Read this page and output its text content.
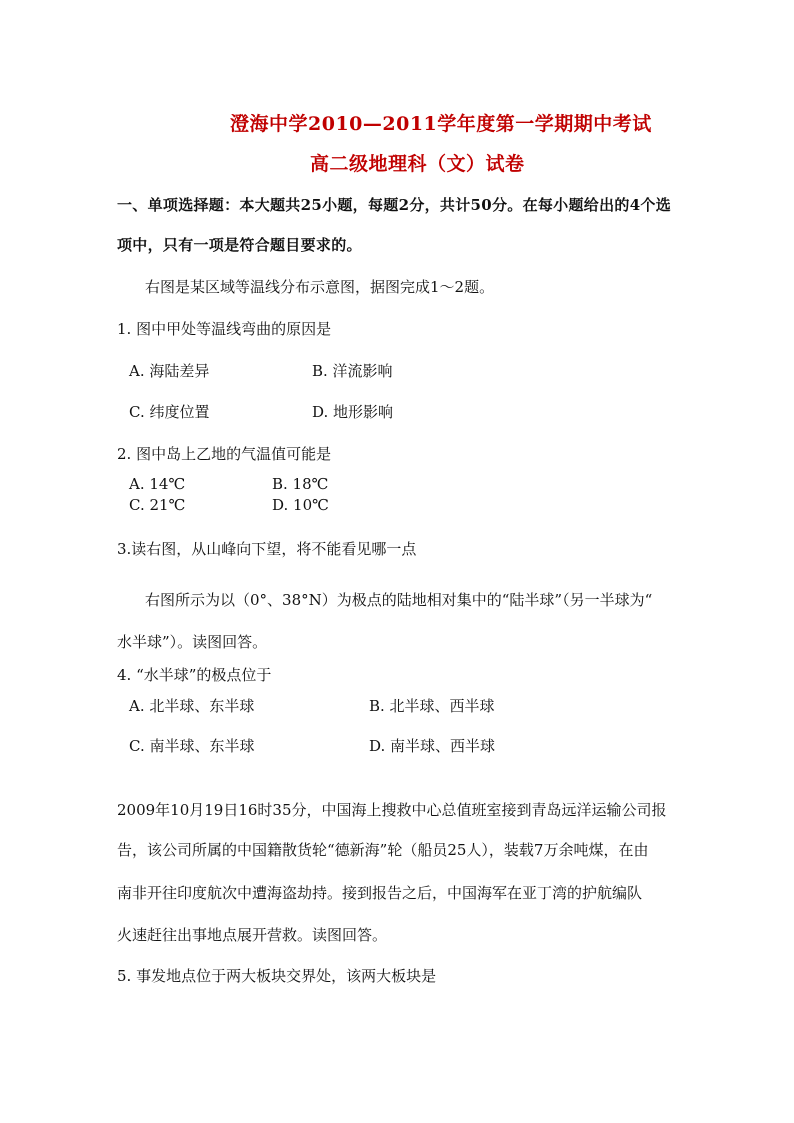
澄海中学2010—2011学年度第一学期期中考试
高二级地理科（文）试卷
一、单项选择题：本大题共25小题，每题2分，共计50分。在每小题给出的4个选
项中，只有一项是符合题目要求的。
右图是某区域等温线分布示意图，据图完成1～2题。
1. 图中甲处等温线弯曲的原因是
A. 海陆差异	B. 洋流影响
C. 纬度位置	D. 地形影响
2. 图中岛上乙地的气温值可能是
A. 14℃	B. 18℃
C. 21℃	D. 10℃
3.读右图，从山峰向下望，将不能看见哪一点
右图所示为以（0°、38°N）为极点的陆地相对集中的“陆半球”（另一半球为“
水半球”）。读图回答。
4. “水半球”的极点位于
A. 北半球、东半球	B. 北半球、西半球
C. 南半球、东半球	D. 南半球、西半球
2009年10月19日16时35分，中国海上搜救中心总值班室接到青岛远洋运输公司报
告，该公司所属的中国籍散货轮“德新海”轮（船员25人），装载7万余吨煤，在由
南非开往印度航次中遭海盗劫持。接到报告之后，中国海军在亚丁湾的护航编队
火速赶往出事地点展开营救。读图回答。
5. 事发地点位于两大板块交界处，该两大板块是
